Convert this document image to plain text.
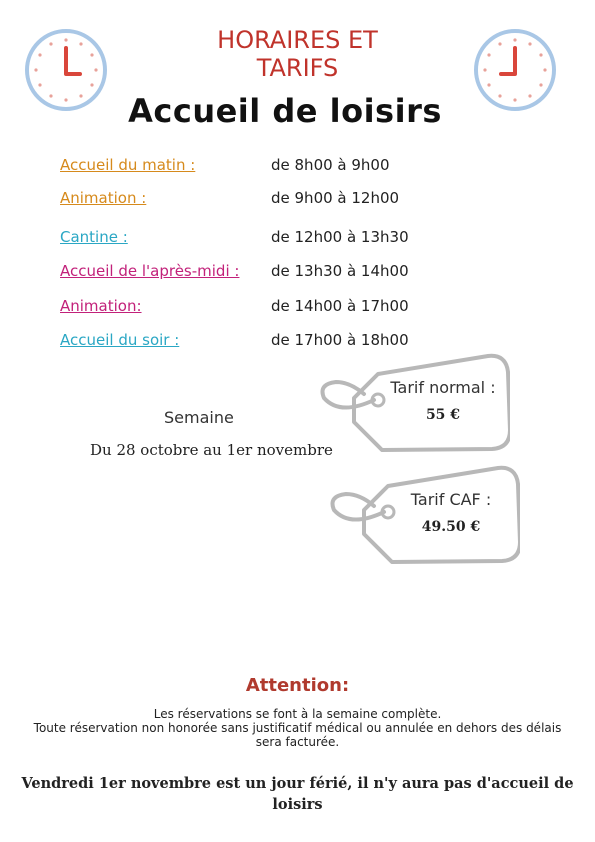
HORAIRES ET
TARIFS
Accueil de loisirs
Accueil du matin :	de 8h00 à 9h00
Animation :	de 9h00 à 12h00
Cantine :	de 12h00 à 13h30
Accueil de l'après-midi : de 13h30 à 14h00
Animation:	de 14h00 à 17h00
Accueil du soir :	de 17h00 à 18h00
Semaine
Du 28 octobre au 1er novembre
Tarif normal :
55 €
Tarif CAF :
49.50 €
Attention:
Les réservations se font à la semaine complète.
Toute réservation non honorée sans justificatif médical ou annulée en dehors des délais
sera facturée.
Vendredi 1er novembre est un jour férié, il n'y aura pas d'accueil de
loisirs
